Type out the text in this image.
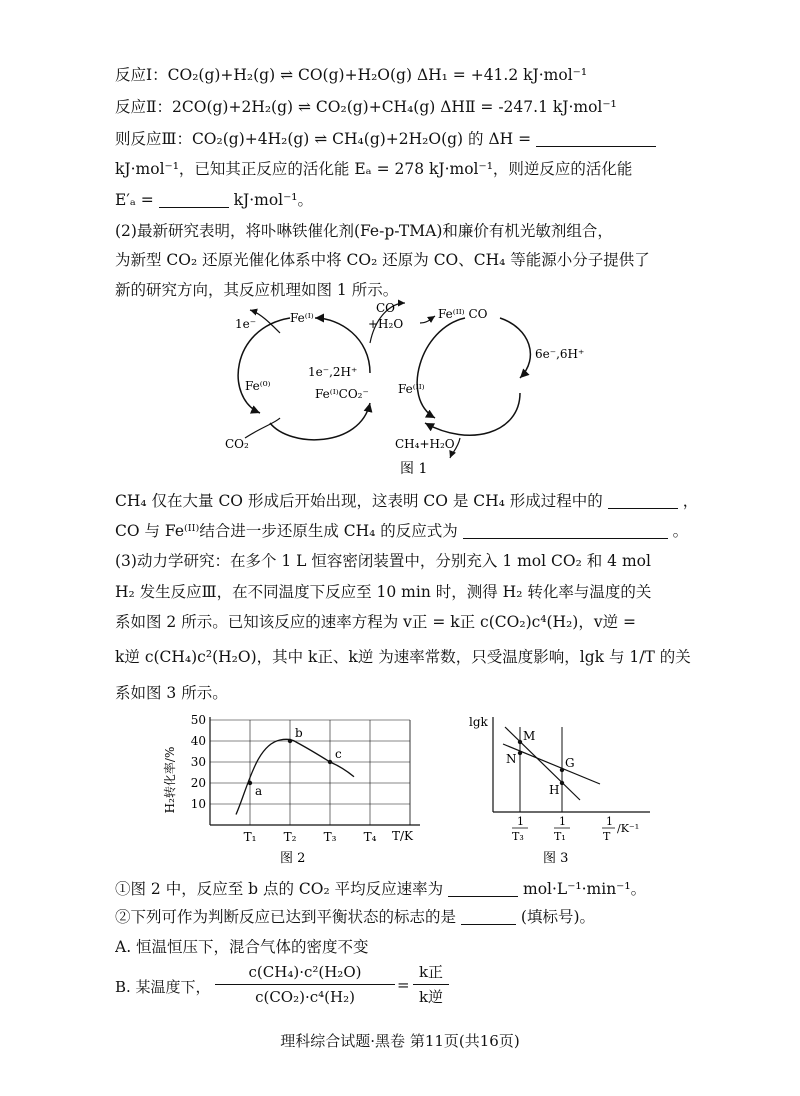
反应Ⅰ：CO₂(g)+H₂(g) ⇌ CO(g)+H₂O(g) ΔH₁ = +41.2 kJ·mol⁻¹
反应Ⅱ：2CO(g)+2H₂(g) ⇌ CO₂(g)+CH₄(g) ΔHⅡ = -247.1 kJ·mol⁻¹
则反应Ⅲ：CO₂(g)+4H₂(g) ⇌ CH₄(g)+2H₂O(g) 的 ΔH =
kJ·mol⁻¹，已知其正反应的活化能 Eₐ = 278 kJ·mol⁻¹，则逆反应的活化能
E′ₐ =	kJ·mol⁻¹。
(2)最新研究表明，将卟啉铁催化剂(Fe-p-TMA)和廉价有机光敏剂组合，
为新型 CO₂ 还原光催化体系中将 CO₂ 还原为 CO、CH₄ 等能源小分子提供了
新的研究方向，其反应机理如图 1 所示。
Fe⁽ᴵ⁾
1e⁻
Fe⁽⁰⁾
CO₂
1e⁻,2H⁺
Fe⁽ᴵ⁾CO₂⁻
CO
+H₂O
Fe⁽ᴵᴵ⁾ CO
6e⁻,6H⁺
Fe⁽ᴵᴵ⁾
CH₄+H₂O
图 1
CH₄ 仅在大量 CO 形成后开始出现，这表明 CO 是 CH₄ 形成过程中的	，
CO 与 Fe⁽ᴵᴵ⁾结合进一步还原生成 CH₄ 的反应式为	。
(3)动力学研究：在多个 1 L 恒容密闭装置中，分别充入 1 mol CO₂ 和 4 mol
H₂ 发生反应Ⅲ，在不同温度下反应至 10 min 时，测得 H₂ 转化率与温度的关
系如图 2 所示。已知该反应的速率方程为 v正 = k正 c(CO₂)c⁴(H₂)，v逆 =
k逆 c(CH₄)c²(H₂O)，其中 k正、k逆 为速率常数，只受温度影响，lgk 与 1/T 的关
系如图 3 所示。
10
20
30
40
50
T₁ T₂ T₃ T₄
a
b
c
H₂转化率/%
T/K
图 2
lgk
M
N	G
H
1
T₃
1
T₁
1
T
/K⁻¹
图 3
①图 2 中，反应至 b 点的 CO₂ 平均反应速率为	mol·L⁻¹·min⁻¹。
②下列可作为判断反应已达到平衡状态的标志的是	(填标号)。
A. 恒温恒压下，混合气体的密度不变
B. 某温度下，
c(CH₄)·c²(H₂O)
c(CO₂)·c⁴(H₂)
=
k正
k逆
理科综合试题·黑卷 第11页(共16页)
